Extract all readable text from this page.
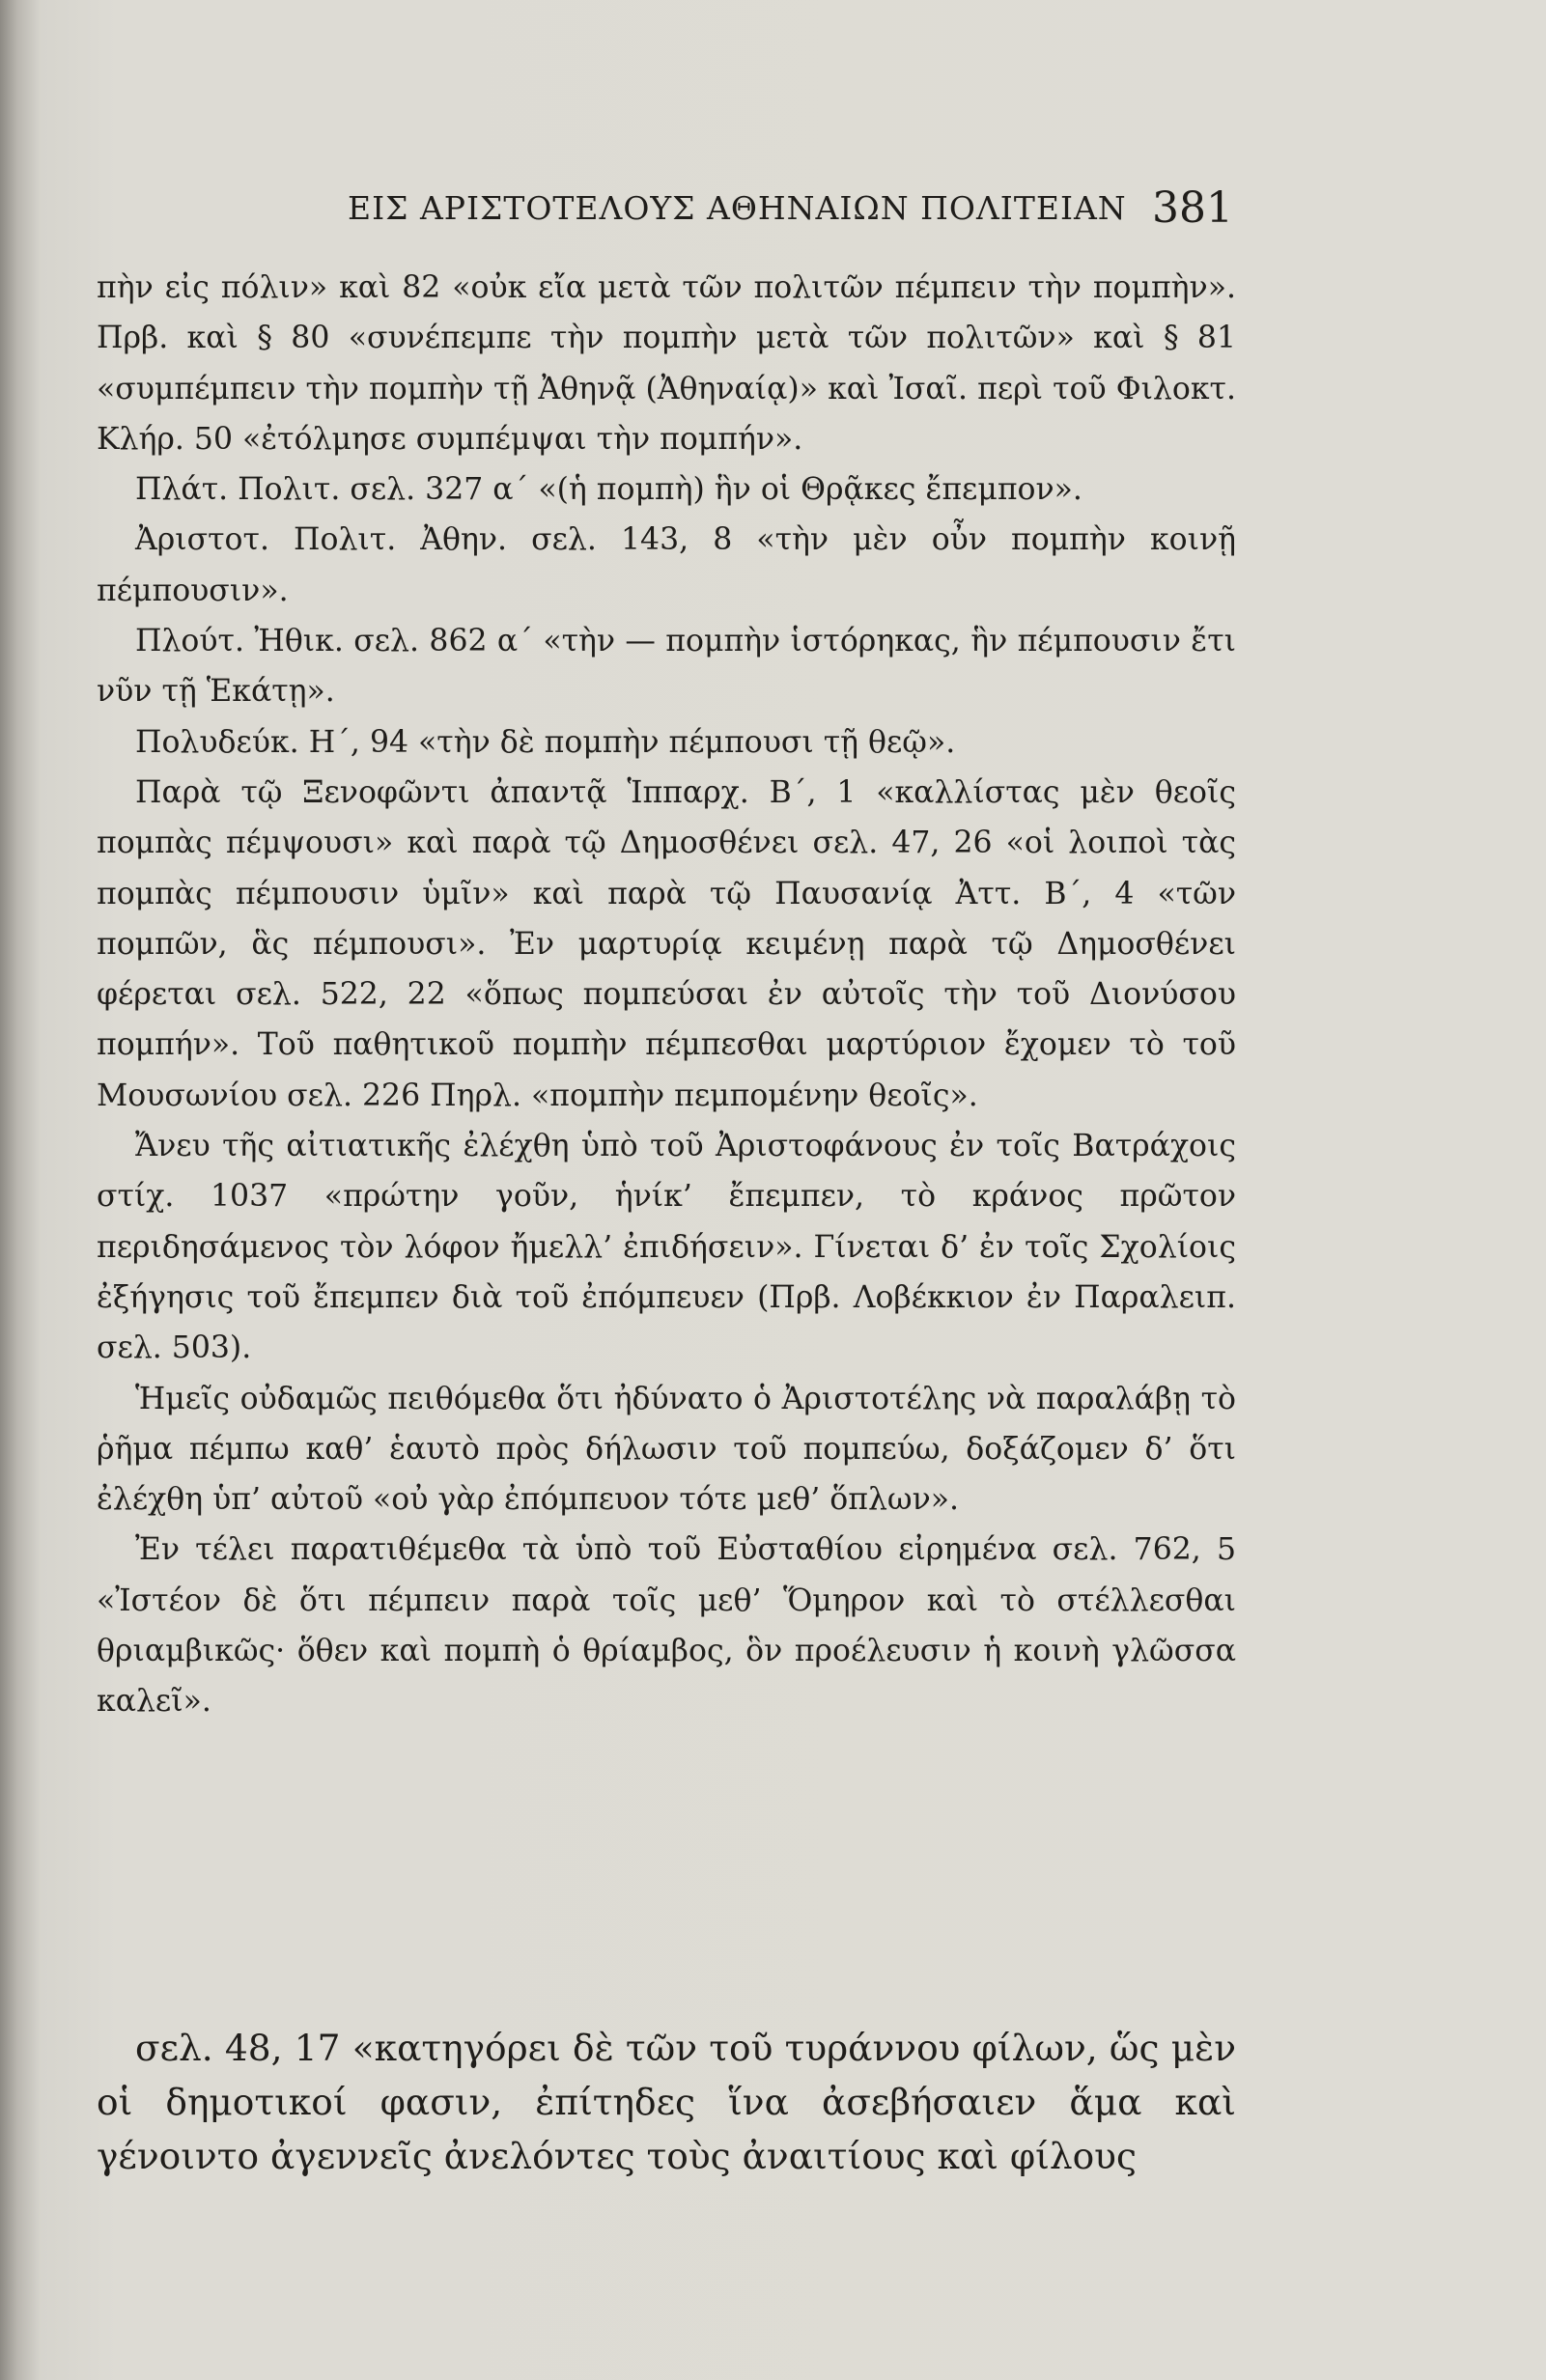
ΕΙΣ ΑΡΙΣΤΟΤΕΛΟΥΣ ΑΘΗΝΑΙΩΝ ΠΟΛΙΤΕΙΑΝ 381

πὴν εἰς πόλιν» καὶ 82 «οὐκ εἴα μετὰ τῶν πολιτῶν πέμπειν τὴν πομπὴν». Πρβ. καὶ § 80 «συνέπεμπε τὴν πομπὴν μετὰ τῶν πολιτῶν» καὶ § 81 «συμπέμπειν τὴν πομπὴν τῇ Ἀθηνᾷ (Ἀθηναίᾳ)» καὶ Ἰσαῖ. περὶ τοῦ Φιλοκτ. Κλήρ. 50 «ἐτόλμησε συμπέμψαι τὴν πομπήν».

Πλάτ. Πολιτ. σελ. 327 α΄ «(ἡ πομπὴ) ἣν οἱ Θρᾷκες ἔπεμπον».

Ἀριστοτ. Πολιτ. Ἀθην. σελ. 143, 8 «τὴν μὲν οὖν πομπὴν κοινῇ πέμπουσιν».

Πλούτ. Ἠθικ. σελ. 862 α΄ «τὴν — πομπὴν ἱστόρηκας, ἣν πέμπουσιν ἔτι νῦν τῇ Ἑκάτῃ».

Πολυδεύκ. Η΄, 94 «τὴν δὲ πομπὴν πέμπουσι τῇ θεῷ».

Παρὰ τῷ Ξενοφῶντι ἀπαντᾷ Ἱππαρχ. Β΄, 1 «καλλίστας μὲν θεοῖς πομπὰς πέμψουσι» καὶ παρὰ τῷ Δημοσθένει σελ. 47, 26 «οἱ λοιποὶ τὰς πομπὰς πέμπουσιν ὑμῖν» καὶ παρὰ τῷ Παυσανίᾳ Ἀττ. Β΄, 4 «τῶν πομπῶν, ἃς πέμπουσι». Ἐν μαρτυρίᾳ κειμένῃ παρὰ τῷ Δημοσθένει φέρεται σελ. 522, 22 «ὅπως πομπεύσαι ἐν αὐτοῖς τὴν τοῦ Διονύσου πομπήν». Τοῦ παθητικοῦ πομπὴν πέμπεσθαι μαρτύριον ἔχομεν τὸ τοῦ Μουσωνίου σελ. 226 Πηρλ. «πομπὴν πεμπομένην θεοῖς».

Ἄνευ τῆς αἰτιατικῆς ἐλέχθη ὑπὸ τοῦ Ἀριστοφάνους ἐν τοῖς Βατράχοις στίχ. 1037 «πρώτην γοῦν, ἡνίκ’ ἔπεμπεν, τὸ κράνος πρῶτον περιδησάμενος τὸν λόφον ἤμελλ’ ἐπιδήσειν». Γίνεται δ’ ἐν τοῖς Σχολίοις ἐξήγησις τοῦ ἔπεμπεν διὰ τοῦ ἐπόμπευεν (Πρβ. Λοβέκκιον ἐν Παραλειπ. σελ. 503).

Ἡμεῖς οὐδαμῶς πειθόμεθα ὅτι ἠδύνατο ὁ Ἀριστοτέλης νὰ παραλάβῃ τὸ ῥῆμα πέμπω καθ’ ἑαυτὸ πρὸς δήλωσιν τοῦ πομπεύω, δοξάζομεν δ’ ὅτι ἐλέχθη ὑπ’ αὐτοῦ «οὐ γὰρ ἐπόμπευον τότε μεθ’ ὅπλων».

Ἐν τέλει παρατιθέμεθα τὰ ὑπὸ τοῦ Εὐσταθίου εἰρημένα σελ. 762, 5 «Ἰστέον δὲ ὅτι πέμπειν παρὰ τοῖς μεθ’ Ὅμηρον καὶ τὸ στέλλεσθαι θριαμβικῶς· ὅθεν καὶ πομπὴ ὁ θρίαμβος, ὃν προέλευσιν ἡ κοινὴ γλῶσσα καλεῖ».

σελ. 48, 17 «κατηγόρει δὲ τῶν τοῦ τυράννου φίλων, ὥς μὲν οἱ δημοτικοί φασιν, ἐπίτηδες ἵνα ἀσεβήσαιεν ἅμα καὶ γένοιντο ἀγεννεῖς ἀνελόντες τοὺς ἀναιτίους καὶ φίλους
